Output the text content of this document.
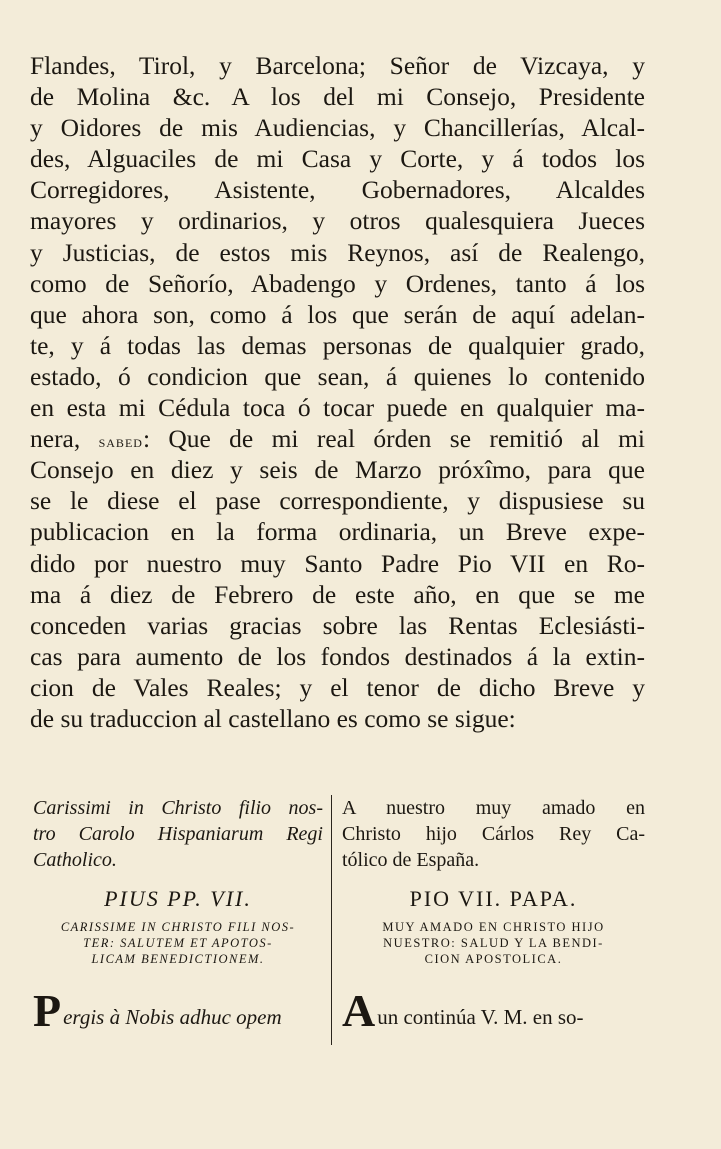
Flandes, Tirol, y Barcelona; Señor de Vizcaya, y
de Molina &c. A los del mi Consejo, Presidente
y Oidores de mis Audiencias, y Chancillerías, Alcal-
des, Alguaciles de mi Casa y Corte, y á todos los
Corregidores, Asistente, Gobernadores, Alcaldes
mayores y ordinarios, y otros qualesquiera Jueces
y Justicias, de estos mis Reynos, así de Realengo,
como de Señorío, Abadengo y Ordenes, tanto á los
que ahora son, como á los que serán de aquí adelan-
te, y á todas las demas personas de qualquier grado,
estado, ó condicion que sean, á quienes lo contenido
en esta mi Cédula toca ó tocar puede en qualquier ma-
nera, sabed: Que de mi real órden se remitió al mi
Consejo en diez y seis de Marzo próxîmo, para que
se le diese el pase correspondiente, y dispusiese su
publicacion en la forma ordinaria, un Breve expe-
dido por nuestro muy Santo Padre Pio VII en Ro-
ma á diez de Febrero de este año, en que se me
conceden varias gracias sobre las Rentas Eclesiásti-
cas para aumento de los fondos destinados á la extin-
cion de Vales Reales; y el tenor de dicho Breve y
de su traduccion al castellano es como se sigue:
Carissimi in Christo filio nos-
tro Carolo Hispaniarum Regi
Catholico.
PIUS PP. VII.
CARISSIME IN CHRISTO FILI NOS-
TER: SALUTEM ET APOTOS-
LICAM BENEDICTIONEM.
P ergis à Nobis adhuc opem
A nuestro muy amado en
Christo hijo Cárlos Rey Ca-
tólico de España.
PIO VII. PAPA.
MUY AMADO EN CHRISTO HIJO
NUESTRO: SALUD Y LA BENDI-
CION APOSTOLICA.
A un continúa V. M. en so-
